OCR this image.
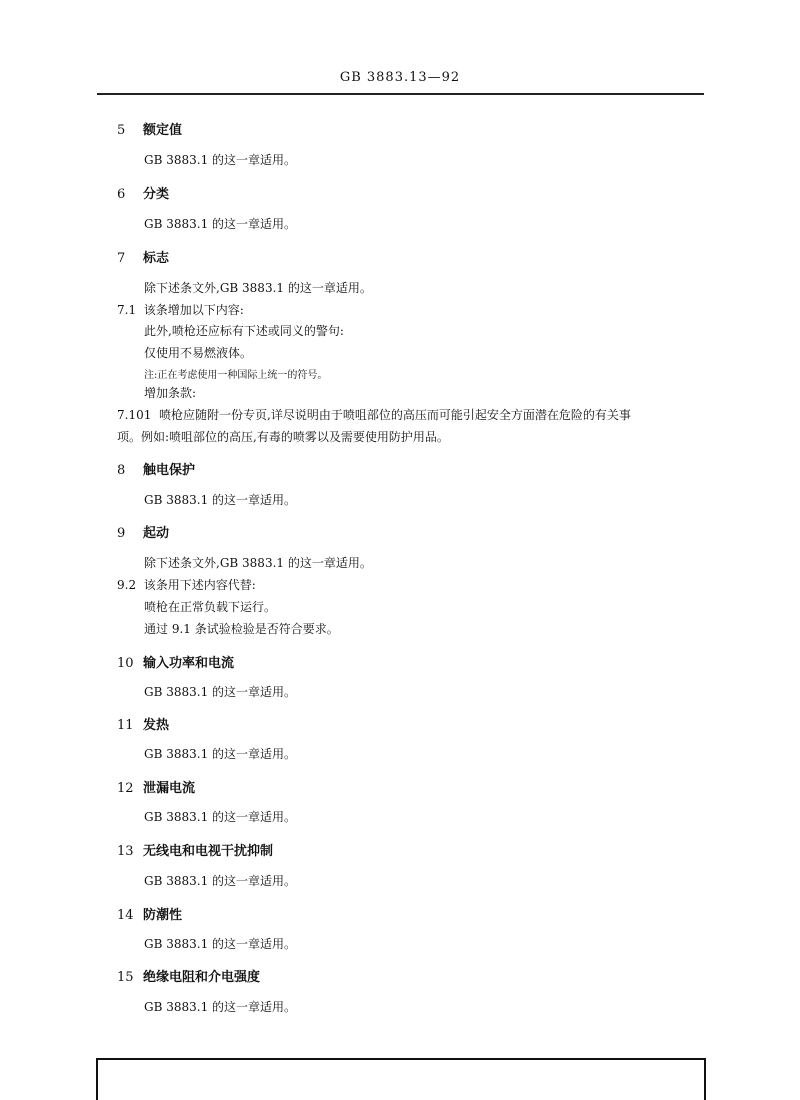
GB 3883.13—92
5 额定值
GB 3883.1 的这一章适用。
6 分类
GB 3883.1 的这一章适用。
7 标志
除下述条文外,GB 3883.1 的这一章适用。
7.1 该条增加以下内容:
此外,喷枪还应标有下述或同义的警句:
仅使用不易燃液体。
注:正在考虑使用一种国际上统一的符号。
增加条款:
7.101 喷枪应随附一份专页,详尽说明由于喷咀部位的高压而可能引起安全方面潜在危险的有关事
项。例如:喷咀部位的高压,有毒的喷雾以及需要使用防护用品。
8 触电保护
GB 3883.1 的这一章适用。
9 起动
除下述条文外,GB 3883.1 的这一章适用。
9.2 该条用下述内容代替:
喷枪在正常负载下运行。
通过 9.1 条试验检验是否符合要求。
10 输入功率和电流
GB 3883.1 的这一章适用。
11 发热
GB 3883.1 的这一章适用。
12 泄漏电流
GB 3883.1 的这一章适用。
13 无线电和电视干扰抑制
GB 3883.1 的这一章适用。
14 防潮性
GB 3883.1 的这一章适用。
15 绝缘电阻和介电强度
GB 3883.1 的这一章适用。
